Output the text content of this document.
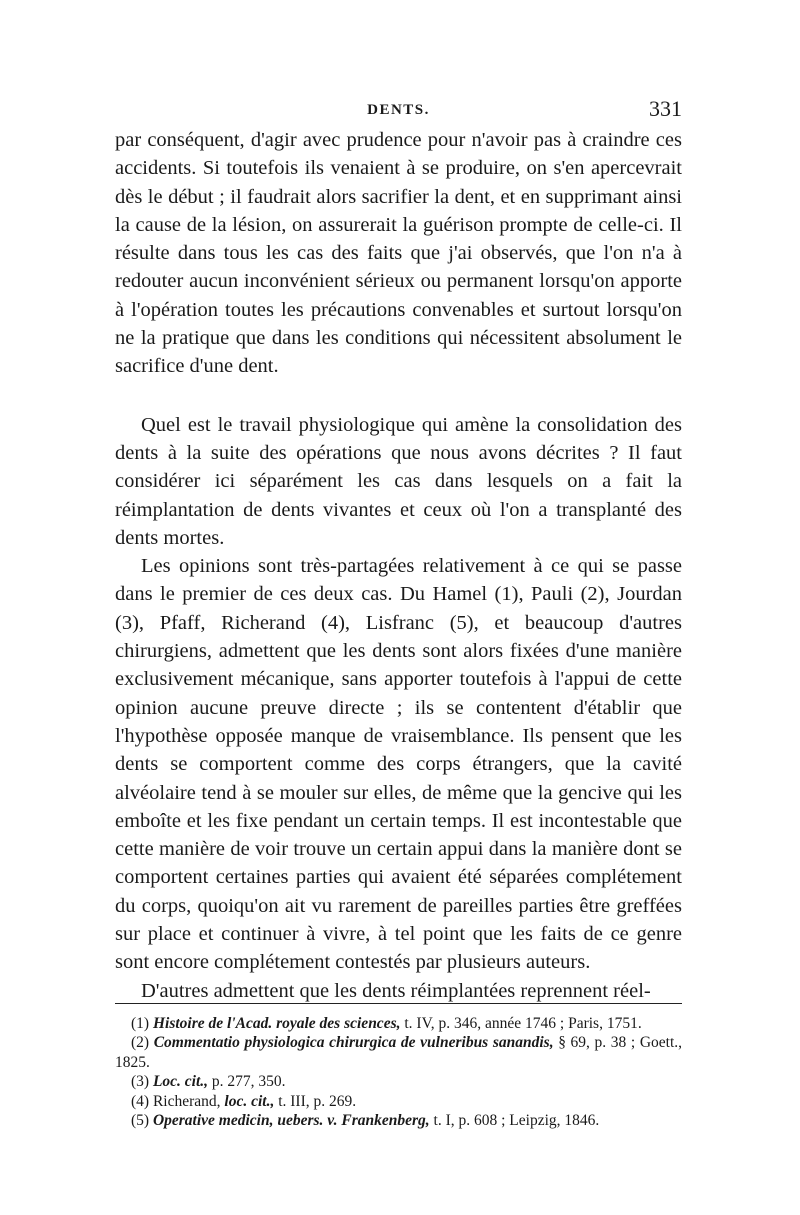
DENTS.	331

par conséquent, d'agir avec prudence pour n'avoir pas à craindre ces accidents. Si toutefois ils venaient à se produire, on s'en apercevrait dès le début ; il faudrait alors sacrifier la dent, et en supprimant ainsi la cause de la lésion, on assurerait la guérison prompte de celle-ci. Il résulte dans tous les cas des faits que j'ai observés, que l'on n'a à redouter aucun inconvénient sérieux ou permanent lorsqu'on apporte à l'opération toutes les précautions convenables et surtout lorsqu'on ne la pratique que dans les conditions qui nécessitent absolument le sacrifice d'une dent.

Quel est le travail physiologique qui amène la consolidation des dents à la suite des opérations que nous avons décrites ? Il faut considérer ici séparément les cas dans lesquels on a fait la réimplantation de dents vivantes et ceux où l'on a transplanté des dents mortes.

Les opinions sont très-partagées relativement à ce qui se passe dans le premier de ces deux cas. Du Hamel (1), Pauli (2), Jourdan (3), Pfaff, Richerand (4), Lisfranc (5), et beaucoup d'autres chirurgiens, admettent que les dents sont alors fixées d'une manière exclusivement mécanique, sans apporter toutefois à l'appui de cette opinion aucune preuve directe ; ils se contentent d'établir que l'hypothèse opposée manque de vraisemblance. Ils pensent que les dents se comportent comme des corps étrangers, que la cavité alvéolaire tend à se mouler sur elles, de même que la gencive qui les emboîte et les fixe pendant un certain temps. Il est incontestable que cette manière de voir trouve un certain appui dans la manière dont se comportent certaines parties qui avaient été séparées complétement du corps, quoiqu'on ait vu rarement de pareilles parties être greffées sur place et continuer à vivre, à tel point que les faits de ce genre sont encore complétement contestés par plusieurs auteurs.

D'autres admettent que les dents réimplantées reprennent réel-

(1) Histoire de l'Acad. royale des sciences, t. IV, p. 346, année 1746 ; Paris, 1751.

(2) Commentatio physiologica chirurgica de vulneribus sanandis, § 69, p. 38 ; Goett., 1825.

(3) Loc. cit., p. 277, 350.

(4) Richerand, loc. cit., t. III, p. 269.

(5) Operative medicin, uebers. v. Frankenberg, t. I, p. 608 ; Leipzig, 1846.
